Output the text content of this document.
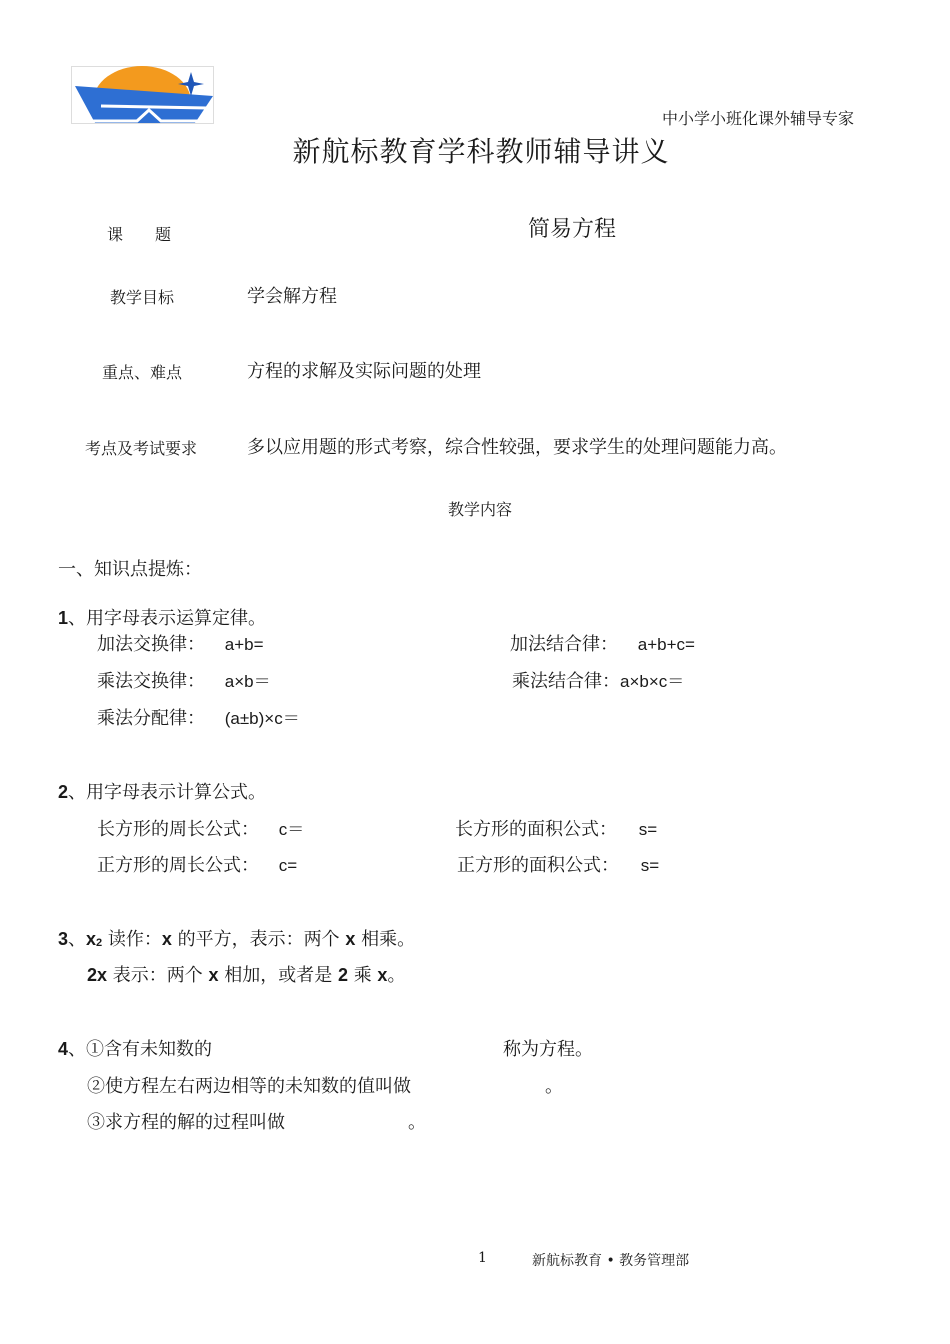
中小学小班化课外辅导专家
新航标教育学科教师辅导讲义
课　　题	简易方程
教学目标	学会解方程
重点、难点	方程的求解及实际问题的处理
考点及考试要求	多以应用题的形式考察，综合性较强，要求学生的处理问题能力高。
教学内容
一、知识点提炼：
1、用字母表示运算定律。
加法交换律： a+b=	加法结合律： a+b+c=
乘法交换律： a×b＝	乘法结合律：a×b×c＝
乘法分配律： (a±b)×c＝
2、用字母表示计算公式。
长方形的周长公式： c＝	长方形的面积公式： s=
正方形的周长公式： c=	正方形的面积公式： s=
3、$x^2$ 读作：x 的平方，表示：两个 x 相乘。
2x 表示：两个 x 相加，或者是 2 乘 x。
4、①含有未知数的	称为方程。
②使方程左右两边相等的未知数的值叫做	。
③求方程的解的过程叫做	。
1	新航标教育 • 教务管理部
